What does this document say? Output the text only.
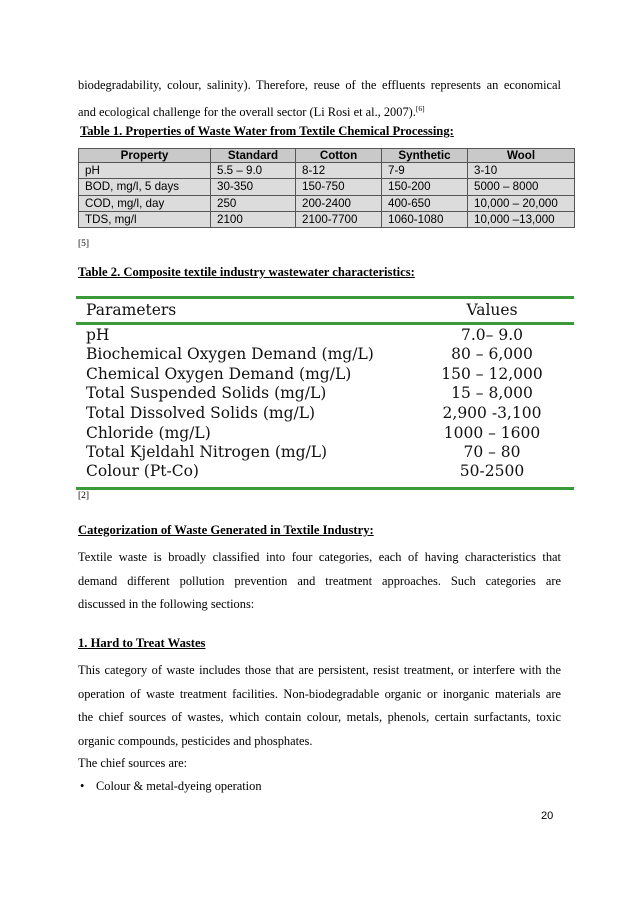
biodegradability, colour, salinity). Therefore, reuse of the effluents represents an economical
and ecological challenge for the overall sector (Li Rosi et al., 2007).[6]
Table 1. Properties of Waste Water from Textile Chemical Processing:
Property	Standard	Cotton	Synthetic	Wool
pH	5.5 – 9.0	8-12	7-9	3-10
BOD, mg/l, 5 days	30-350	150-750	150-200	5000 – 8000
COD, mg/l, day	250	200-2400	400-650	10,000 – 20,000
TDS, mg/l	2100	2100-7700	1060-1080	10,000 –13,000
[5]
Table 2. Composite textile industry wastewater characteristics:
Parameters	Values
pH	7.0– 9.0
Biochemical Oxygen Demand (mg/L)	80 – 6,000
Chemical Oxygen Demand (mg/L)	150 – 12,000
Total Suspended Solids (mg/L)	15 – 8,000
Total Dissolved Solids (mg/L)	2,900 -3,100
Chloride (mg/L)	1000 – 1600
Total Kjeldahl Nitrogen (mg/L)	70 – 80
Colour (Pt-Co)	50-2500
[2]
Categorization of Waste Generated in Textile Industry:
Textile waste is broadly classified into four categories, each of having characteristics that
demand different pollution prevention and treatment approaches. Such categories are
discussed in the following sections:
1. Hard to Treat Wastes
This category of waste includes those that are persistent, resist treatment, or interfere with the
operation of waste treatment facilities. Non-biodegradable organic or inorganic materials are
the chief sources of wastes, which contain colour, metals, phenols, certain surfactants, toxic
organic compounds, pesticides and phosphates.
The chief sources are:
• Colour & metal-dyeing operation
20
